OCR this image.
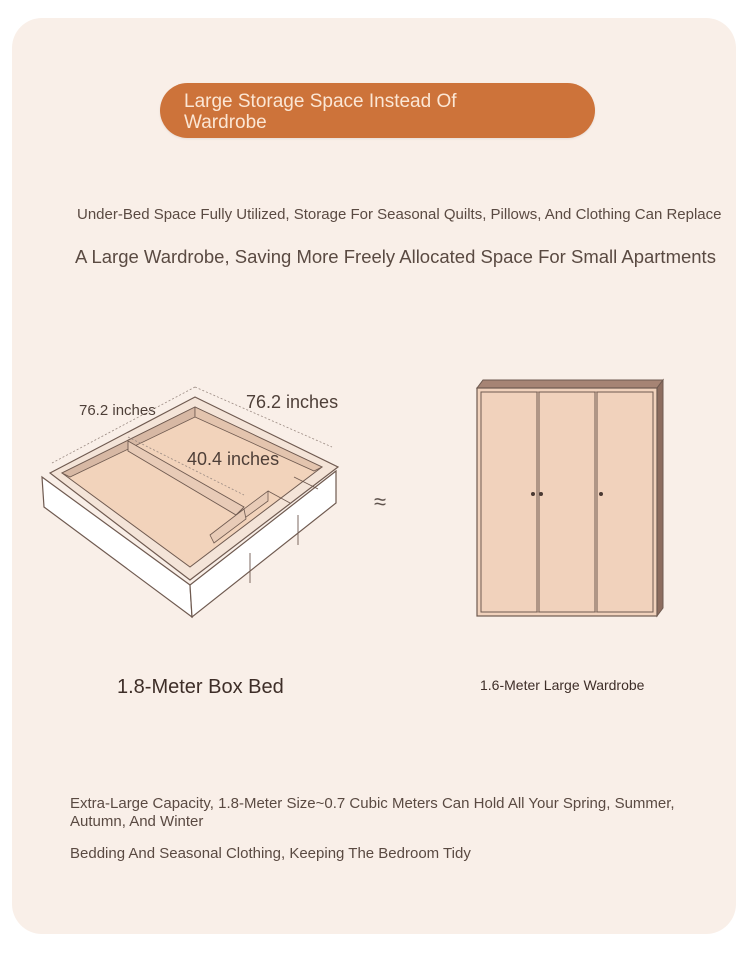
Large Storage Space Instead Of Wardrobe
Under-Bed Space Fully Utilized, Storage For Seasonal Quilts, Pillows, And Clothing Can Replace
A Large Wardrobe, Saving More Freely Allocated Space For Small Apartments
76.2 inches	76.2 inches
40.4 inches
≈
1.8-Meter Box Bed	1.6-Meter Large Wardrobe
Extra-Large Capacity, 1.8-Meter Size~0.7 Cubic Meters Can Hold All Your Spring, Summer, Autumn, And Winter
Bedding And Seasonal Clothing, Keeping The Bedroom Tidy
